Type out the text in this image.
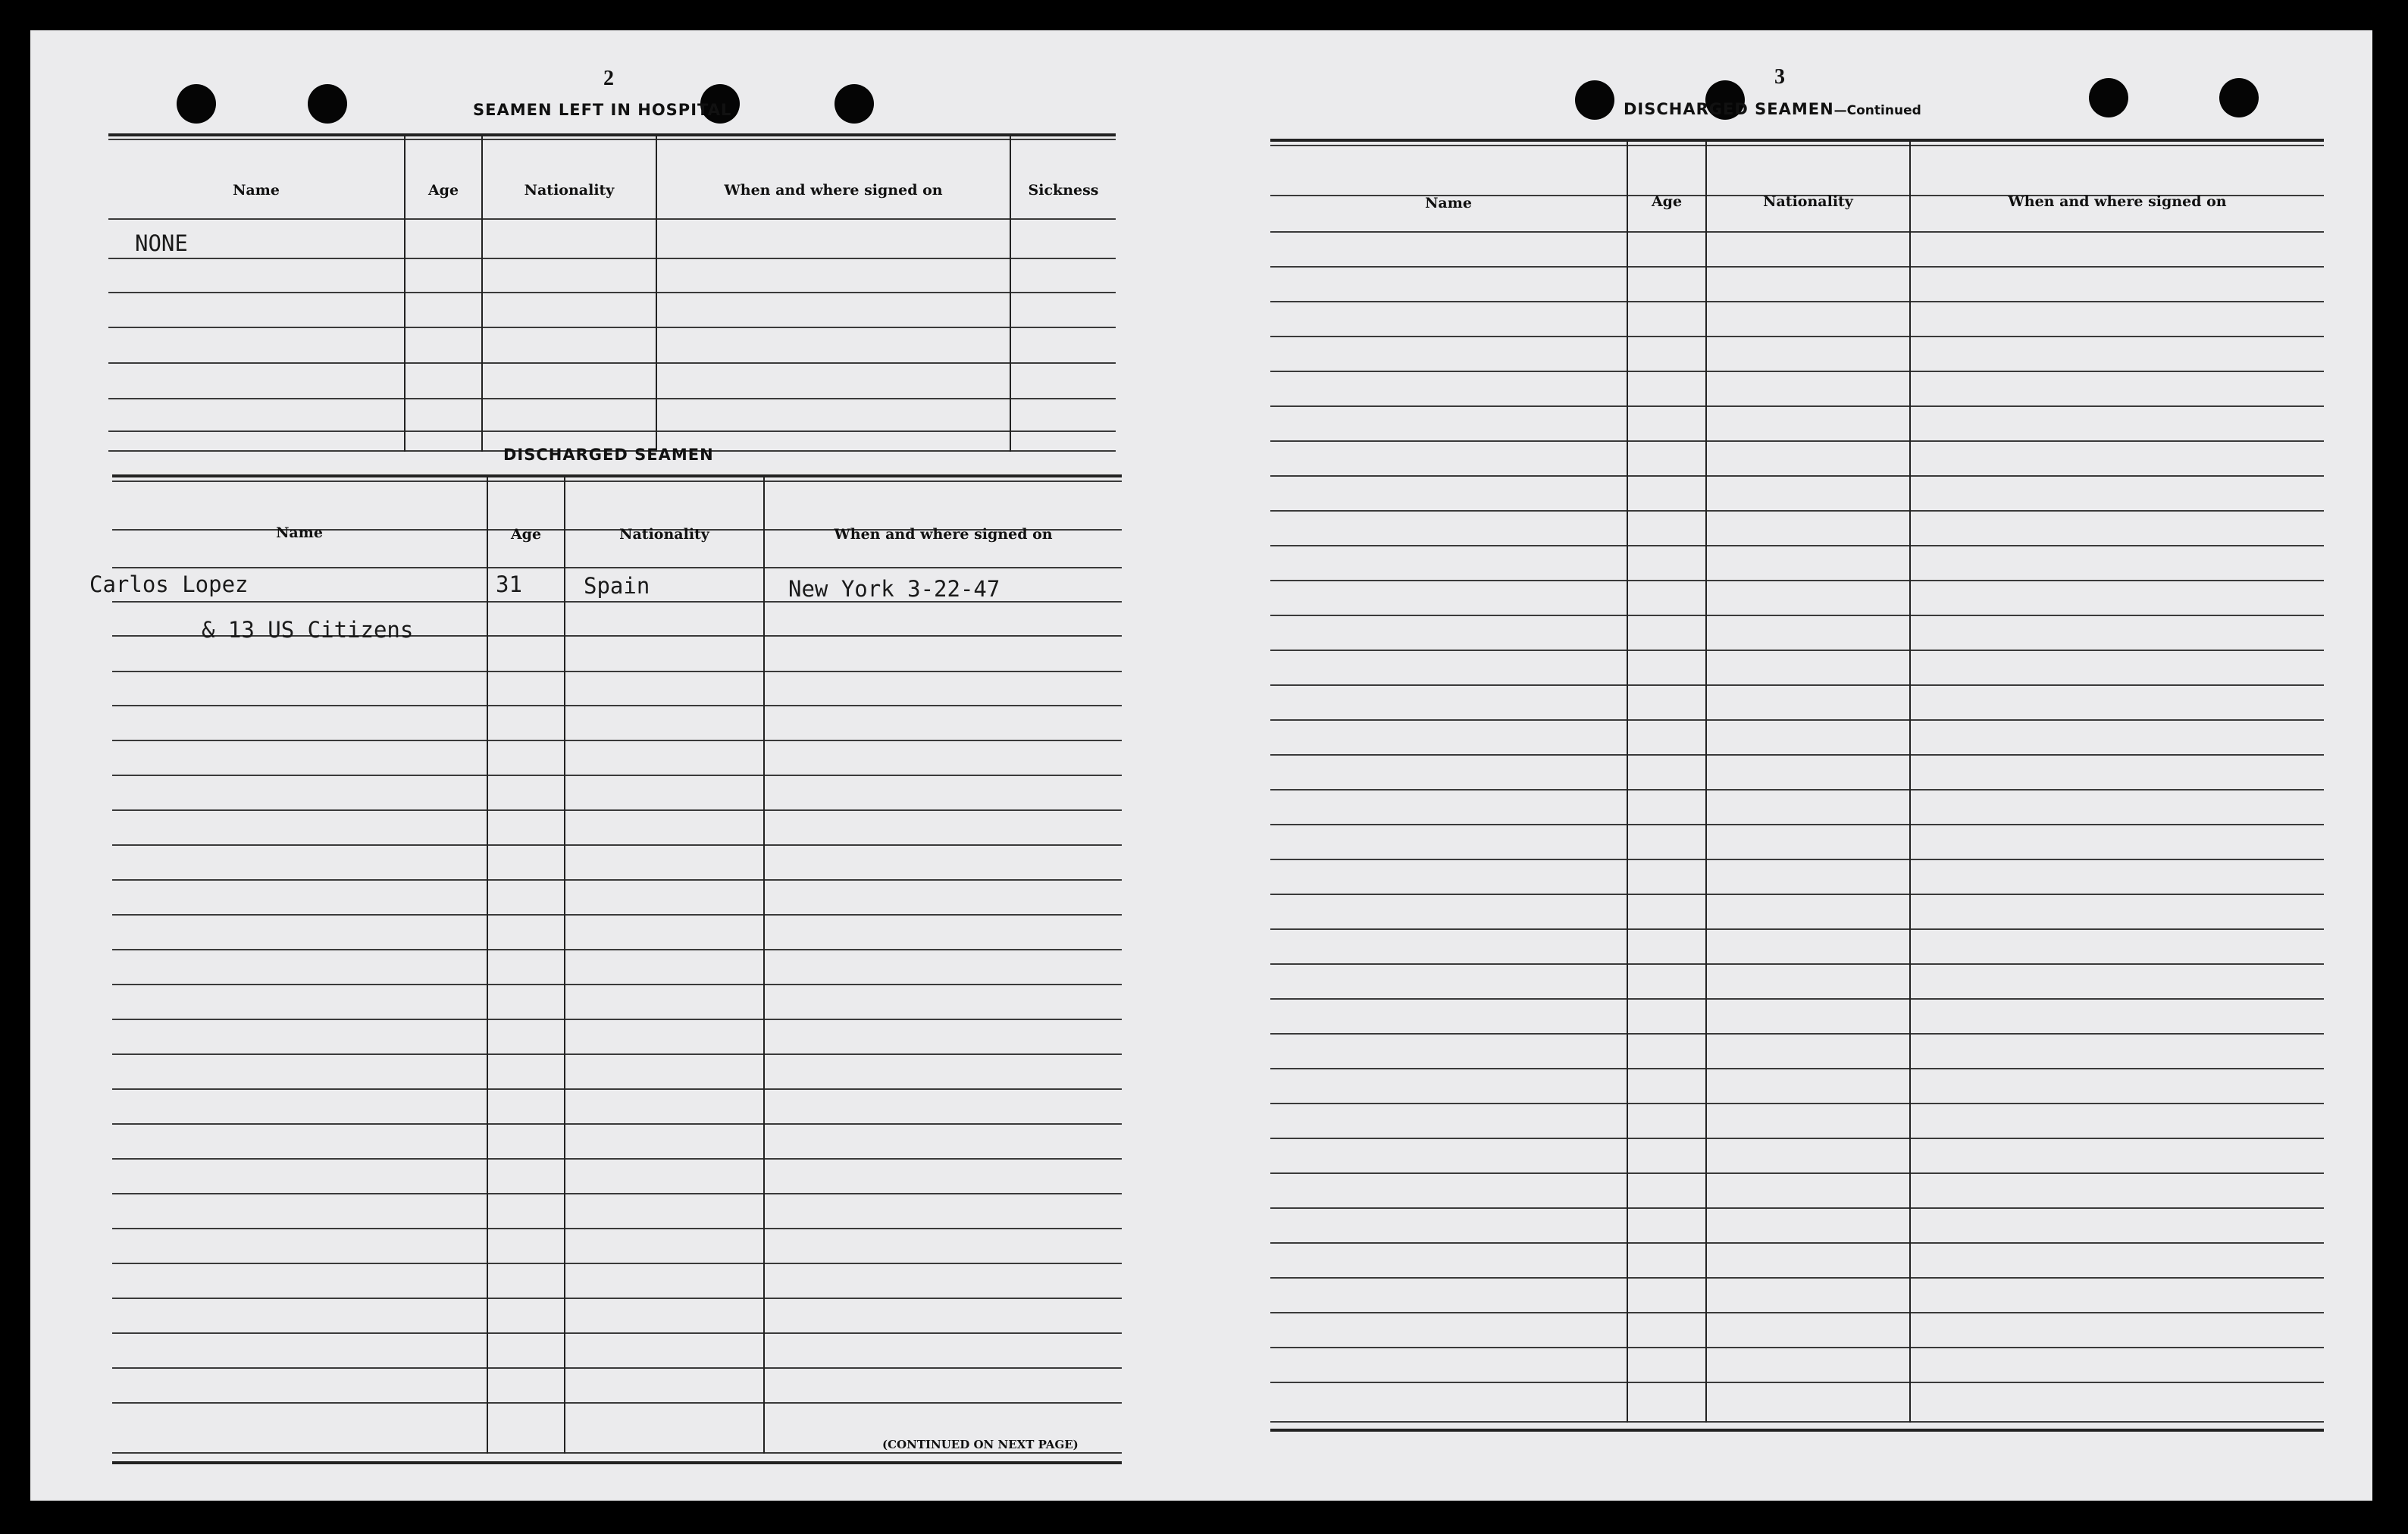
2
SEAMEN LEFT IN HOSPITAL
Name	Age	Nationality	When and where signed on	Sickness
NONE
DISCHARGED SEAMEN
Name	Age	Nationality	When and where signed on
Carlos Lopez	31	Spain	New York 3-22-47
& 13 US Citizens
(CONTINUED ON NEXT PAGE)
3
DISCHARGED SEAMEN—Continued
Name	Age	Nationality	When and where signed on
